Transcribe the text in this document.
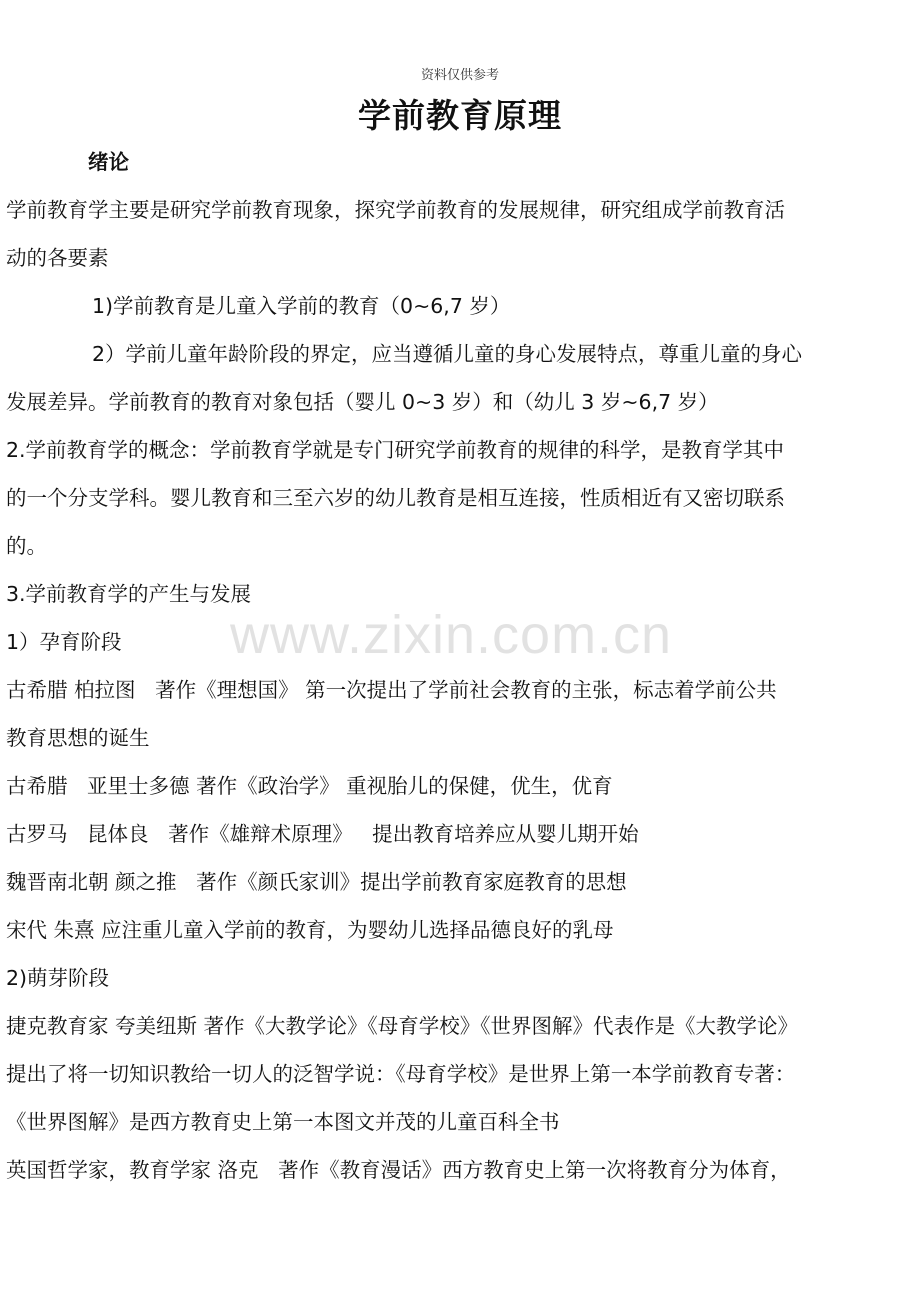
资料仅供参考
学前教育原理
绪论
学前教育学主要是研究学前教育现象，探究学前教育的发展规律，研究组成学前教育活
动的各要素
1)学前教育是儿童入学前的教育（0~6,7 岁）
2）学前儿童年龄阶段的界定，应当遵循儿童的身心发展特点，尊重儿童的身心
发展差异。学前教育的教育对象包括（婴儿 0~3 岁）和（幼儿 3 岁~6,7 岁）
2.学前教育学的概念：学前教育学就是专门研究学前教育的规律的科学，是教育学其中
的一个分支学科。婴儿教育和三至六岁的幼儿教育是相互连接，性质相近有又密切联系
的。
3.学前教育学的产生与发展
1）孕育阶段
古希腊 柏拉图   著作《理想国》 第一次提出了学前社会教育的主张，标志着学前公共
教育思想的诞生
古希腊   亚里士多德 著作《政治学》 重视胎儿的保健，优生，优育
古罗马   昆体良   著作《雄辩术原理》   提出教育培养应从婴儿期开始
魏晋南北朝 颜之推   著作《颜氏家训》提出学前教育家庭教育的思想
宋代 朱熹 应注重儿童入学前的教育，为婴幼儿选择品德良好的乳母
2)萌芽阶段
捷克教育家 夸美纽斯 著作《大教学论》《母育学校》《世界图解》代表作是《大教学论》
提出了将一切知识教给一切人的泛智学说：《母育学校》是世界上第一本学前教育专著：
《世界图解》是西方教育史上第一本图文并茂的儿童百科全书
英国哲学家，教育学家 洛克   著作《教育漫话》西方教育史上第一次将教育分为体育，
www.zixin.com.cn
